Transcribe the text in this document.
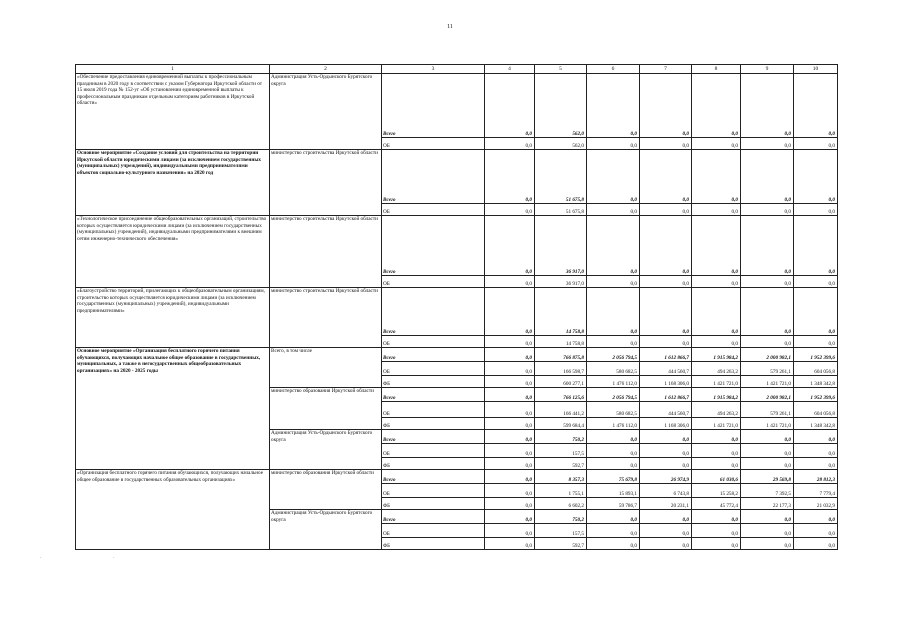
11
1	2	3	4	5	6	7	8	9	10
«Обеспечение предоставления единовременной выплаты к профессиональным праздникам в 2020 году в соответствии с указом Губернатора Иркутской области от 15 июля 2019 года № 152-уг «Об установлении единовременной выплаты к профессиональным праздникам отдельным категориям работников в Иркутской области»	Администрация Усть-Ордынского Бурятского округа	Всего	0,0	562,0	0,0	0,0	0,0	0,0	0,0
		ОБ	0,0	562,0	0,0	0,0	0,0	0,0	0,0
Основное мероприятие «Создание условий для строительства на территории Иркутской области юридическими лицами (за исключением государственных (муниципальных) учреждений), индивидуальными предпринимателями объектов социально-культурного назначения» на 2020 год	министерство строительства Иркутской области	Всего	0,0	51 675,8	0,0	0,0	0,0	0,0	0,0
		ОБ	0,0	51 675,8	0,0	0,0	0,0	0,0	0,0
«Технологическое присоединение общеобразовательных организаций, строительство которых осуществляется юридическими лицами (за исключением государственных (муниципальных) учреждений), индивидуальными предпринимателями к внешним сетям инженерно-технического обеспечения»	министерство строительства Иркутской области	Всего	0,0	36 917,0	0,0	0,0	0,0	0,0	0,0
		ОБ	0,0	36 917,0	0,0	0,0	0,0	0,0	0,0
«Благоустройство территорий, прилегающих к общеобразовательным организациям, строительство которых осуществляется юридическими лицами (за исключением государственных (муниципальных) учреждений), индивидуальными предпринимателями»	министерство строительства Иркутской области	Всего	0,0	14 758,8	0,0	0,0	0,0	0,0	0,0
		ОБ	0,0	14 758,8	0,0	0,0	0,0	0,0	0,0
Основное мероприятие «Организация бесплатного горячего питания обучающихся, получающих начальное общее образование в государственных, муниципальных, а также в негосударственных общеобразовательных организациях» на 2020 - 2025 годы	Всего, в том числе	Всего	0,0	766 875,8	2 056 794,5	1 612 866,7	1 915 984,2	2 000 982,1	1 952 399,6
		ОБ	0,0	166 598,7	580 682,5	444 560,7	494 263,2	579 261,1	604 056,8
		ФБ	0,0	600 277,1	1 476 112,0	1 168 306,0	1 421 721,0	1 421 721,0	1 348 342,8
	министерство образования Иркутской области	Всего	0,0	766 125,6	2 056 794,5	1 612 866,7	1 915 984,2	2 000 982,1	1 952 399,6
		ОБ	0,0	166 441,2	580 682,5	444 560,7	494 263,2	579 261,1	604 056,8
		ФБ	0,0	599 684,4	1 476 112,0	1 168 306,0	1 421 721,0	1 421 721,0	1 348 342,8
	Администрация Усть-Ордынского Бурятского округа	Всего	0,0	750,2	0,0	0,0	0,0	0,0	0,0
		ОБ	0,0	157,5	0,0	0,0	0,0	0,0	0,0
		ФБ	0,0	592,7	0,0	0,0	0,0	0,0	0,0
«Организация бесплатного горячего питания обучающихся, получающих начальное общее образование в государственных образовательных организациях»	министерство образования Иркутской области	Всего	0,0	8 357,3	75 679,8	26 974,9	61 030,6	29 569,8	28 812,3
		ОБ	0,0	1 755,1	15 893,1	6 743,8	15 258,2	7 392,5	7 779,4
		ФБ	0,0	6 602,2	59 786,7	20 231,1	45 772,4	22 177,3	21 032,9
	Администрация Усть-Ордынского Бурятского округа	Всего	0,0	750,2	0,0	0,0	0,0	0,0	0,0
		ОБ	0,0	157,5	0,0	0,0	0,0	0,0	0,0
		ФБ	0,0	592,7	0,0	0,0	0,0	0,0	0,0
·	·
